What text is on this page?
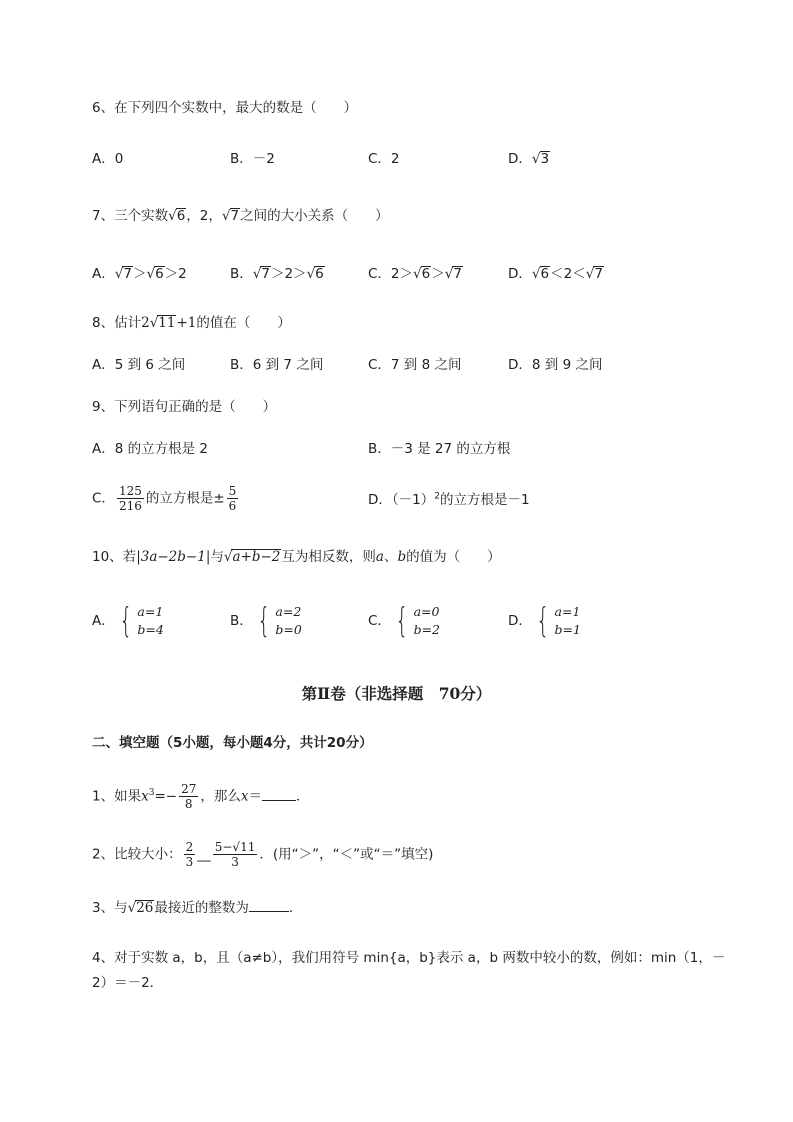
6、在下列四个实数中，最大的数是（　　）
A．0	B．－2	C．2	D．√3
7、三个实数√6，2，√7之间的大小关系（　　）
A．√7＞√6＞2	B．√7＞2＞√6	C．2＞√6＞√7	D．√6＜2＜√7
8、估计2√11+1的值在（　　）
A．5 到 6 之间	B．6 到 7 之间	C．7 到 8 之间	D．8 到 9 之间
9、下列语句正确的是（　　）
A．8 的立方根是 2	B．－3 是 27 的立方根
C． $\frac{125}{216}$ 的立方根是± $\frac{5}{6}$	D．$(-1)^2$的立方根是－1
10、若|3a−2b−1|与√a+b−2互为相反数，则a、b的值为（　　）
A． { a=1
b=4
B． { a=2
b=0
C． { a=0
b=2
D． { a=1
b=1
第Ⅱ卷（非选择题　70分）
二、填空题（5小题，每小题4分，共计20分）
1、如果$x^3=- \frac{27}{8}$ ，那么x＝	．
2、比较大小： $\frac{2}{3}$ __ $\frac{5-√11}{3}$ ．(用“＞”，“＜”或“＝”填空)
3、与√26最接近的整数为	．
4、对于实数 a，b，且（a≠b），我们用符号 min{a，b}表示 a，b 两数中较小的数，例如：min（1，－
2）＝－2．
